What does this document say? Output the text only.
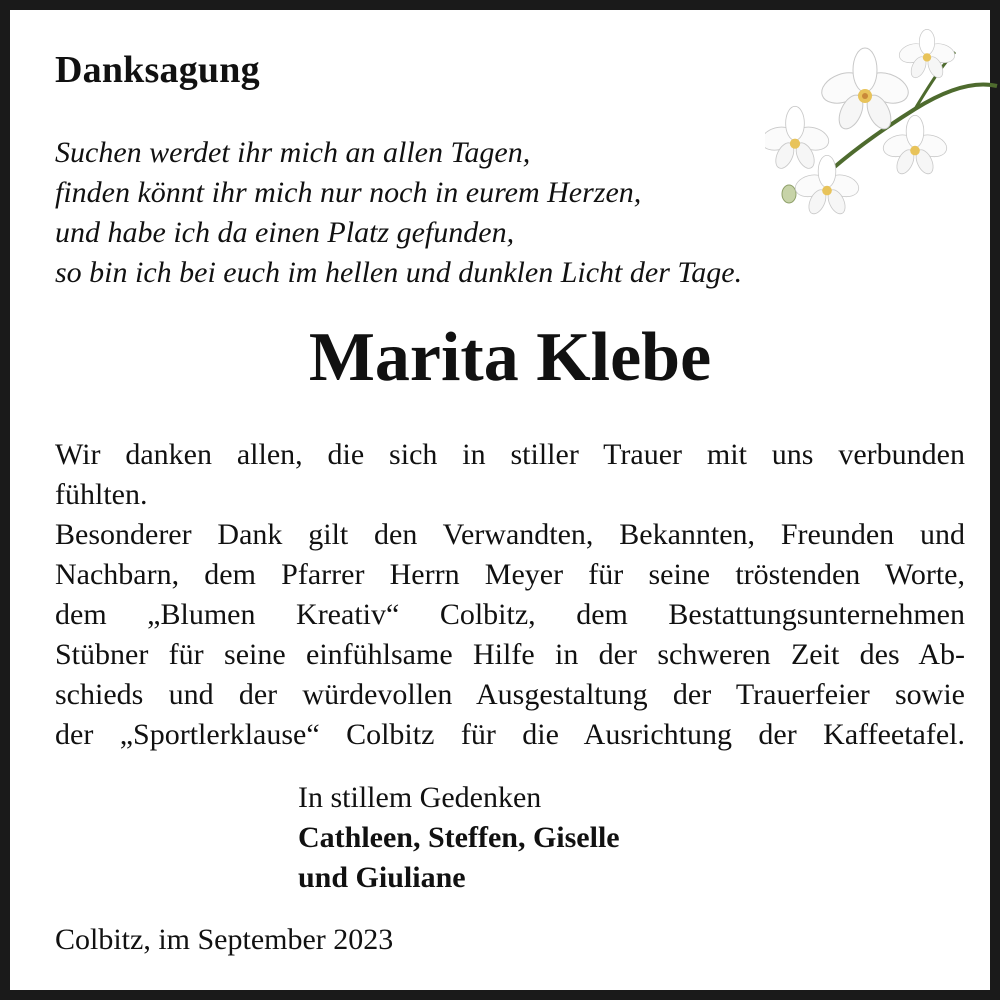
Danksagung
Suchen werdet ihr mich an allen Tagen,
finden könnt ihr mich nur noch in eurem Herzen,
und habe ich da einen Platz gefunden,
so bin ich bei euch im hellen und dunklen Licht der Tage.
Marita Klebe
Wir danken allen, die sich in stiller Trauer mit uns verbunden
fühlten.
Besonderer Dank gilt den Verwandten, Bekannten, Freunden und
Nachbarn, dem Pfarrer Herrn Meyer für seine tröstenden Worte,
dem „Blumen Kreativ“ Colbitz, dem Bestattungsunternehmen
Stübner für seine einfühlsame Hilfe in der schweren Zeit des Ab-
schieds und der würdevollen Ausgestaltung der Trauerfeier sowie
der „Sportlerklause“ Colbitz für die Ausrichtung der Kaffeetafel.
In stillem Gedenken
Cathleen, Steffen, Giselle
und Giuliane
Colbitz, im September 2023
